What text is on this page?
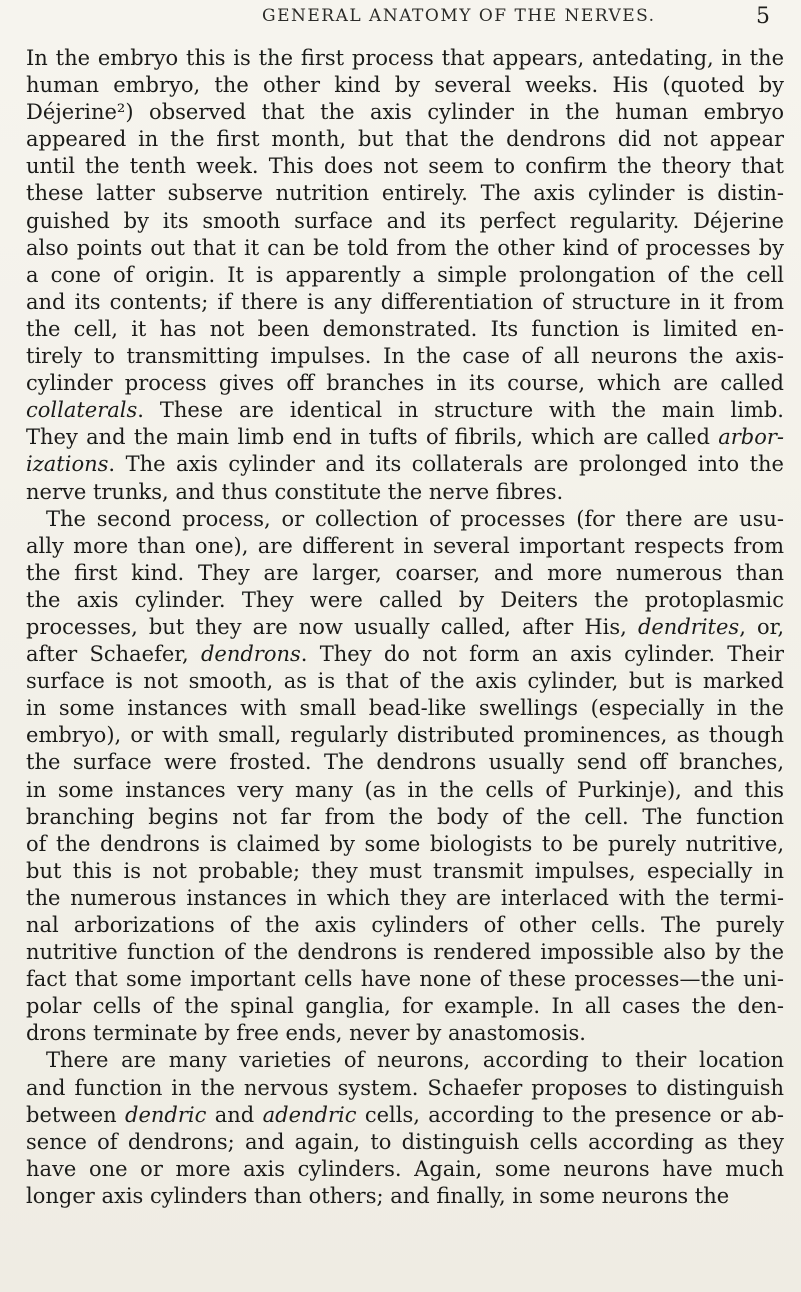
GENERAL ANATOMY OF THE NERVES.	5
In the embryo this is the first process that appears, antedating, in the
human embryo, the other kind by several weeks. His (quoted by
Déjerine²) observed that the axis cylinder in the human embryo
appeared in the first month, but that the dendrons did not appear
until the tenth week. This does not seem to confirm the theory that
these latter subserve nutrition entirely. The axis cylinder is distin-
guished by its smooth surface and its perfect regularity. Déjerine
also points out that it can be told from the other kind of processes by
a cone of origin. It is apparently a simple prolongation of the cell
and its contents; if there is any differentiation of structure in it from
the cell, it has not been demonstrated. Its function is limited en-
tirely to transmitting impulses. In the case of all neurons the axis-
cylinder process gives off branches in its course, which are called
collaterals. These are identical in structure with the main limb.
They and the main limb end in tufts of fibrils, which are called arbor-
izations. The axis cylinder and its collaterals are prolonged into the
nerve trunks, and thus constitute the nerve fibres.
The second process, or collection of processes (for there are usu-
ally more than one), are different in several important respects from
the first kind. They are larger, coarser, and more numerous than
the axis cylinder. They were called by Deiters the protoplasmic
processes, but they are now usually called, after His, dendrites, or,
after Schaefer, dendrons. They do not form an axis cylinder. Their
surface is not smooth, as is that of the axis cylinder, but is marked
in some instances with small bead-like swellings (especially in the
embryo), or with small, regularly distributed prominences, as though
the surface were frosted. The dendrons usually send off branches,
in some instances very many (as in the cells of Purkinje), and this
branching begins not far from the body of the cell. The function
of the dendrons is claimed by some biologists to be purely nutritive,
but this is not probable; they must transmit impulses, especially in
the numerous instances in which they are interlaced with the termi-
nal arborizations of the axis cylinders of other cells. The purely
nutritive function of the dendrons is rendered impossible also by the
fact that some important cells have none of these processes—the uni-
polar cells of the spinal ganglia, for example. In all cases the den-
drons terminate by free ends, never by anastomosis.
There are many varieties of neurons, according to their location
and function in the nervous system. Schaefer proposes to distinguish
between dendric and adendric cells, according to the presence or ab-
sence of dendrons; and again, to distinguish cells according as they
have one or more axis cylinders. Again, some neurons have much
longer axis cylinders than others; and finally, in some neurons the
